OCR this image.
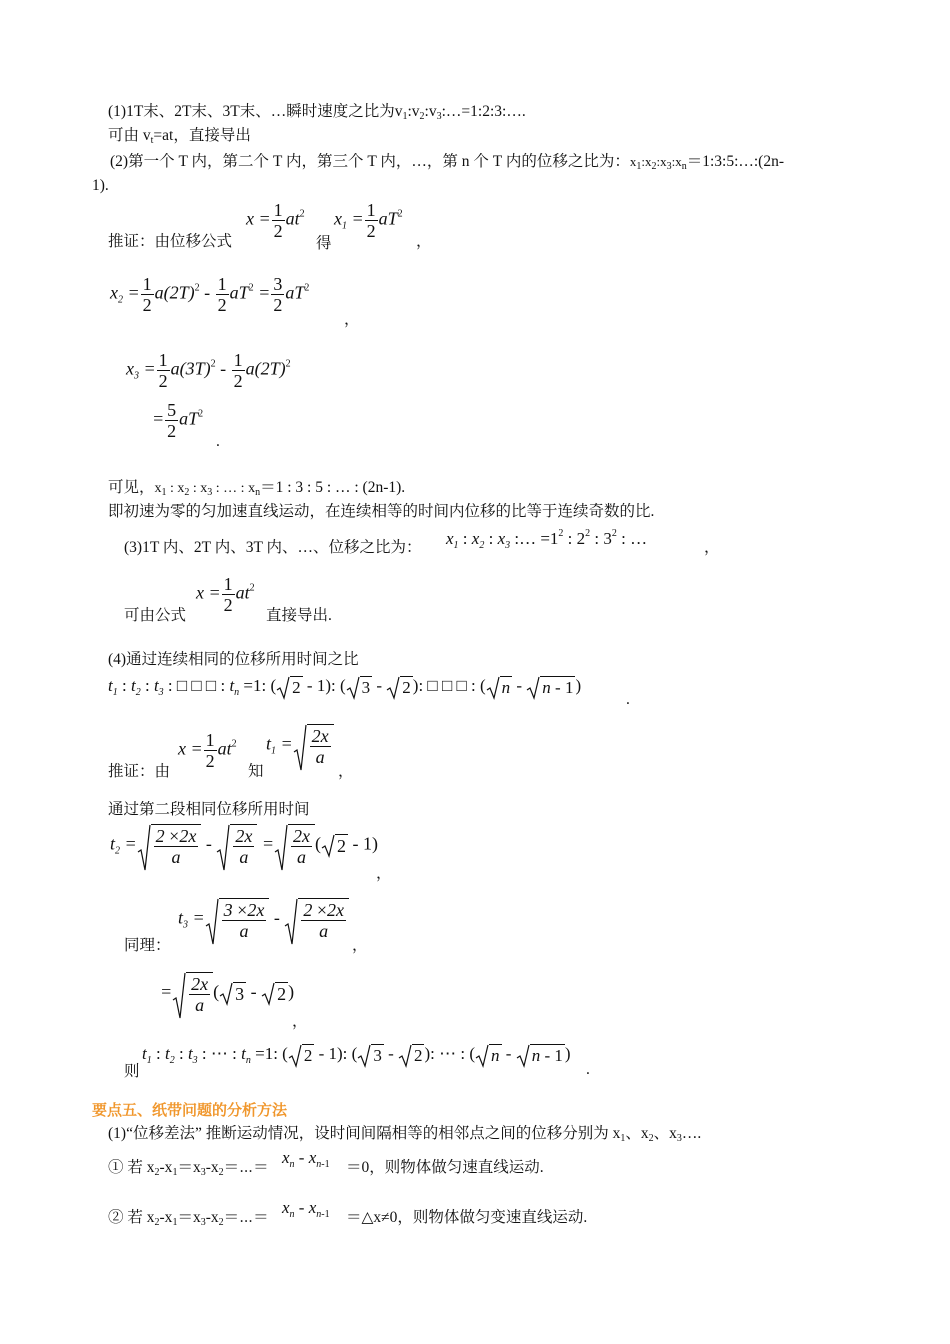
(1)1T末、2T末、3T末、…瞬时速度之比为v1:v2:v3:…=1:2:3:….
可由 vt=at，直接导出
(2)第一个 T 内，第二个 T 内，第三个 T 内，…，第 n 个 T 内的位移之比为：$x_1:x_2:x_3:x_n=1:3:5:\dots:(2n-$
1).
推证：由位移公式
$x = \frac{1}{2} at^2$
得
$x_1 = \frac{1}{2} aT^2$
，
$x_2 = \frac{1}{2} a(2T)^2 - \frac{1}{2} aT^2 = \frac{3}{2} aT^2$
，
$x_3 = \frac{1}{2} a(3T)^2 - \frac{1}{2} a(2T)^2$
= $\frac{5}{2} aT^2$
.
可见，$x_1$ : $x_2$ : $x_3$ : … : $x_n=1$ : 3 : 5 : … : (2n-1).
即初速为零的匀加速直线运动，在连续相等的时间内位移的比等于连续奇数的比.
(3)1T 内、2T 内、3T 内、…、位移之比为： $x_1$ : $x_2$ : $x_3$ :… $=1^2$ : $2^2$ : $3^2$ : …	，
可由公式
$x = \frac{1}{2} at^2$
直接导出.
(4)通过连续相同的位移所用时间之比
$t_1$ : $t_2$ : $t_3$ : □ □ □ : $t_n =1$: ( 2 - 1): ( 3 -
2 ): □ □ □ : ( n -
n - 1 )
.
推证：由
$x = \frac{1}{2} at^2$
知
$t_1 = \frac{2x}{a}$
，
通过第二段相同位移所用时间
$t_2 = \frac{2 \times 2x}{a} - \frac{2x}{a} = \frac{2x}{a}$ ( 2 - 1)
，
同理：
$t_3 = \frac{3 \times 2x}{a} - \frac{2 \times 2x}{a}$
，
= $\frac{2x}{a}$ ( 3 -
2 )
，
则
$t_1$ : $t_2$ : $t_3$ : ⋯ : $t_n =1$: ( 2 - 1): ( 3 -
2 ): ⋯ : ( n -
n - 1 )
.
要点五、纸带问题的分析方法
(1)“位移差法” 推断运动情况，设时间间隔相等的相邻点之间的位移分别为 x1、x2、x3….
① 若 x2-x1＝x3-x2＝⋯＝
$x_n - x_{n-1} =0$，则物体做匀速直线运动.
② 若 x2-x1＝x3-x2＝⋯＝
$x_n - x_{n-1}$ ＝△x≠0，则物体做匀变速直线运动.
